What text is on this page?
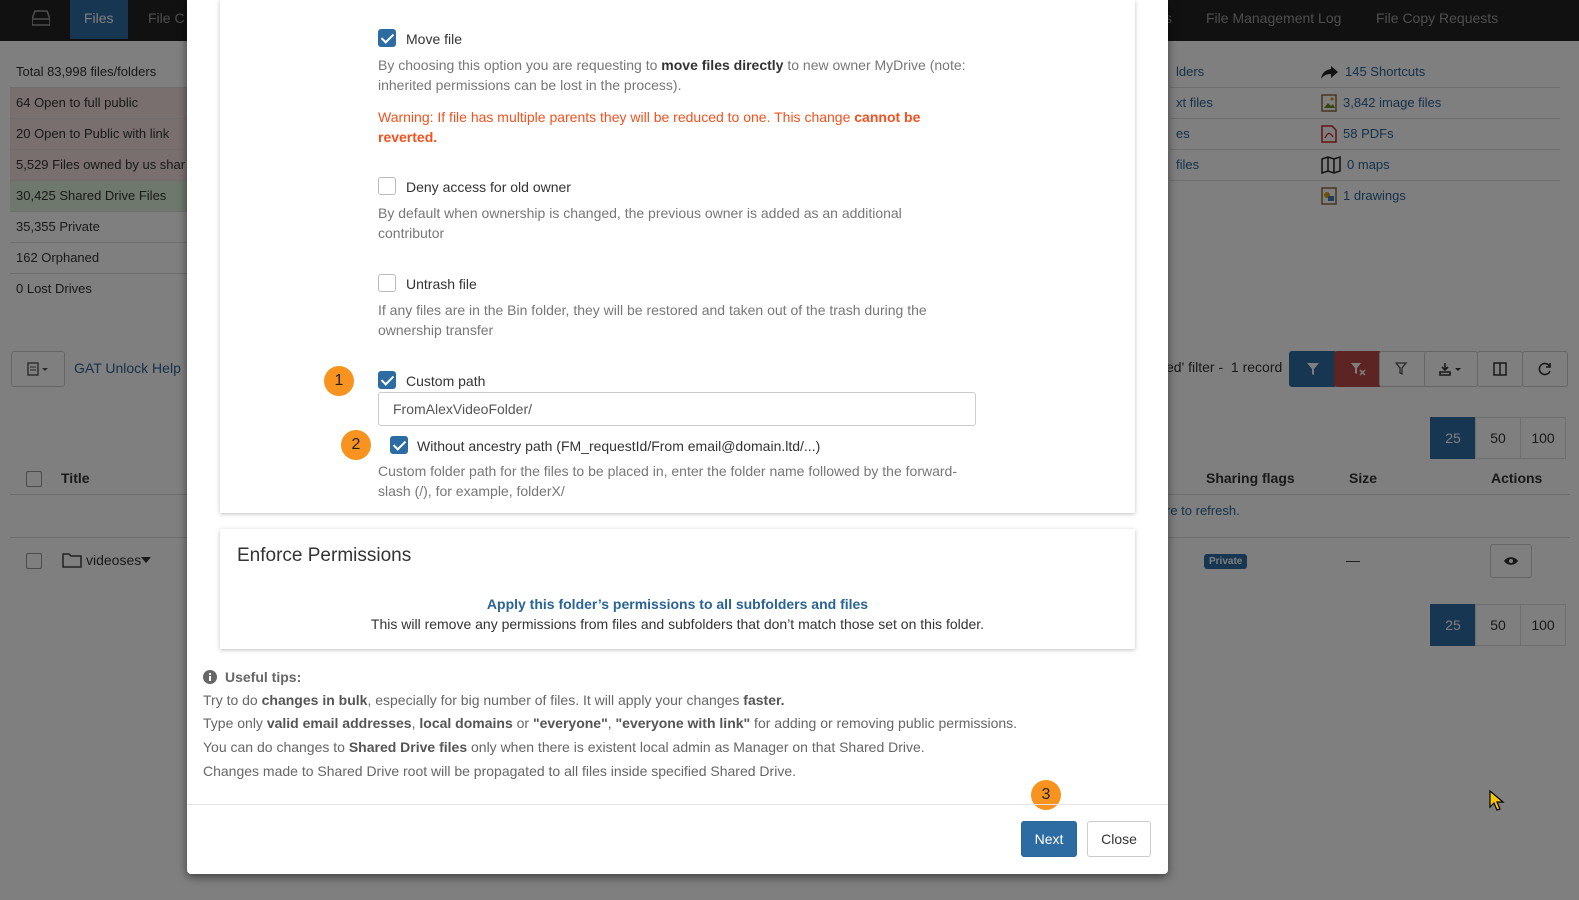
Move file
By choosing this option you are requesting to move files directly to new owner MyDrive (note:
inherited permissions can be lost in the process).
Warning: If file has multiple parents they will be reduced to one. This change cannot be
reverted.
Deny access for old owner
By default when ownership is changed, the previous owner is added as an additional
contributor
Untrash file
If any files are in the Bin folder, they will be restored and taken out of the trash during the
ownership transfer
1	Custom path
FromAlexVideoFolder/
2	Without ancestry path (FM_requestId/From email@domain.ltd/...)
Custom folder path for the files to be placed in, enter the folder name followed by the forward-
slash (/), for example, folderX/
Enforce Permissions
Apply this folder’s permissions to all subfolders and files
This will remove any permissions from files and subfolders that don’t match those set on this folder.
Useful tips:
Try to do changes in bulk, especially for big number of files. It will apply your changes faster.
Type only valid email addresses, local domains or "everyone", "everyone with link" for adding or removing public permissions.
You can do changes to Shared Drive files only when there is existent local admin as Manager on that Shared Drive.
Changes made to Shared Drive root will be propagated to all files inside specified Shared Drive.
3
Next	Close
